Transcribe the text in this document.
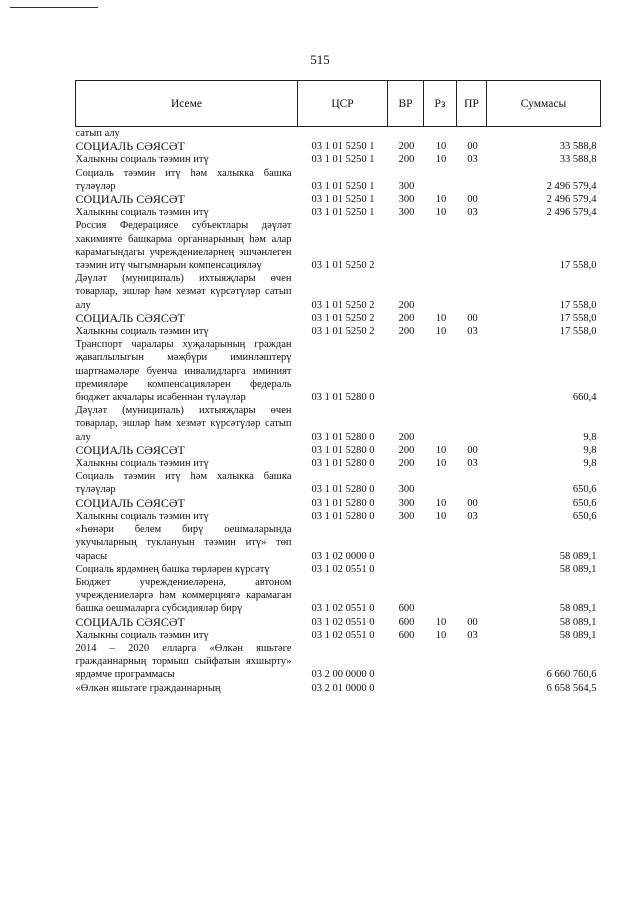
515
Исеме	ЦСР	ВР	Рз	ПР	Суммасы
сатып алу					
СОЦИАЛЬ СӘЯСӘТ	03 1 01 5250 1	200	10	00	33 588,8
Халыкны социаль тәэмин итү	03 1 01 5250 1	200	10	03	33 588,8
Социаль тәэмин итү һәм халыкка башка түләүләр	03 1 01 5250 1	300			2 496 579,4
СОЦИАЛЬ СӘЯСӘТ	03 1 01 5250 1	300	10	00	2 496 579,4
Халыкны социаль тәэмин итү	03 1 01 5250 1	300	10	03	2 496 579,4
Россия Федерациясе субъектлары дәүләт хакимияте башкарма органнарының һәм алар карамагындагы учреждениеләрнең эшчәнлеген тәэмин итү чыгымнарын компенсацияләү	03 1 01 5250 2				17 558,0
Дәүләт (муниципаль) ихтыяҗлары өчен товарлар, эшләр һәм хезмәт күрсәтүләр сатып алу	03 1 01 5250 2	200			17 558,0
СОЦИАЛЬ СӘЯСӘТ	03 1 01 5250 2	200	10	00	17 558,0
Халыкны социаль тәэмин итү	03 1 01 5250 2	200	10	03	17 558,0
Транспорт чаралары хуҗаларының граждан җаваплылыгын мәҗбүри иминләштерү шартнамәләре буенча инвалидларга иминият премияләре компенсацияләрен федераль бюджет акчалары исәбеннән түләүләр	03 1 01 5280 0				660,4
Дәүләт (муниципаль) ихтыяҗлары өчен товарлар, эшләр һәм хезмәт күрсәтүләр сатып алу	03 1 01 5280 0	200			9,8
СОЦИАЛЬ СӘЯСӘТ	03 1 01 5280 0	200	10	00	9,8
Халыкны социаль тәэмин итү	03 1 01 5280 0	200	10	03	9,8
Социаль тәэмин итү һәм халыкка башка түләүләр	03 1 01 5280 0	300			650,6
СОЦИАЛЬ СӘЯСӘТ	03 1 01 5280 0	300	10	00	650,6
Халыкны социаль тәэмин итү	03 1 01 5280 0	300	10	03	650,6
«Һөнәри белем бирү оешмаларында укучыларның туклануын тәэмин итү» төп чарасы	03 1 02 0000 0				58 089,1
Социаль ярдәмнең башка төрләрен күрсәтү	03 1 02 0551 0				58 089,1
Бюджет учреждениеләренә, автоном учреждениеләргә һәм коммерциягә карамаган башка оешмаларга субсидияләр бирү	03 1 02 0551 0	600			58 089,1
СОЦИАЛЬ СӘЯСӘТ	03 1 02 0551 0	600	10	00	58 089,1
Халыкны социаль тәэмин итү	03 1 02 0551 0	600	10	03	58 089,1
2014 – 2020 елларга «Өлкән яшьтәге гражданнарның тормыш сыйфатын яхшырту» ярдәмче программасы	03 2 00 0000 0				6 660 760,6
«Өлкән яшьтәге гражданнарның	03 2 01 0000 0				6 658 564,5
